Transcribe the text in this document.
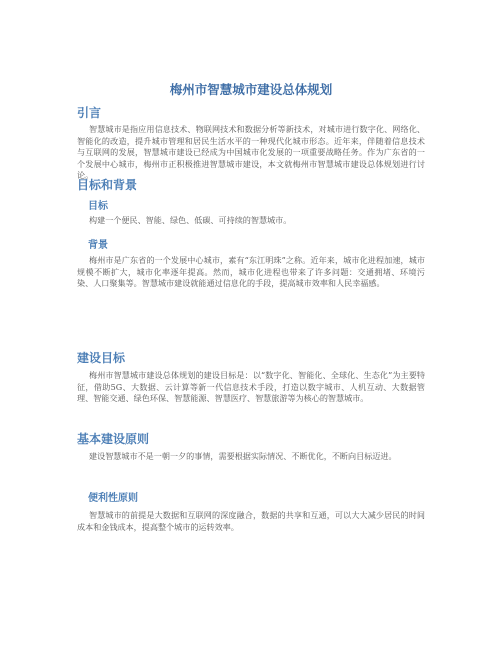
梅州市智慧城市建设总体规划
引言

智慧城市是指应用信息技术、物联网技术和数据分析等新技术，对城市进行数字化、网络化、智能化的改造，提升城市管理和居民生活水平的一种现代化城市形态。近年来，伴随着信息技术与互联网的发展，智慧城市建设已经成为中国城市化发展的一项重要战略任务。作为广东省的一个发展中心城市，梅州市正积极推进智慧城市建设，本文就梅州市智慧城市建设总体规划进行讨论。

目标和背景
目标

构建一个便民、智能、绿色、低碳、可持续的智慧城市。

背景

梅州市是广东省的一个发展中心城市，素有“东江明珠”之称。近年来，城市化进程加速，城市规模不断扩大，城市化率逐年提高。然而，城市化进程也带来了许多问题：交通拥堵、环境污染、人口聚集等。智慧城市建设就能通过信息化的手段，提高城市效率和人民幸福感。

建设目标

梅州市智慧城市建设总体规划的建设目标是：以“数字化、智能化、全球化、生态化”为主要特征，借助5G、大数据、云计算等新一代信息技术手段，打造以数字城市、人机互动、大数据管理、智能交通、绿色环保、智慧能源、智慧医疗、智慧旅游等为核心的智慧城市。

基本建设原则

建设智慧城市不是一朝一夕的事情，需要根据实际情况、不断优化，不断向目标迈进。

便利性原则

智慧城市的前提是大数据和互联网的深度融合，数据的共享和互通，可以大大减少居民的时间成本和金钱成本，提高整个城市的运转效率。
